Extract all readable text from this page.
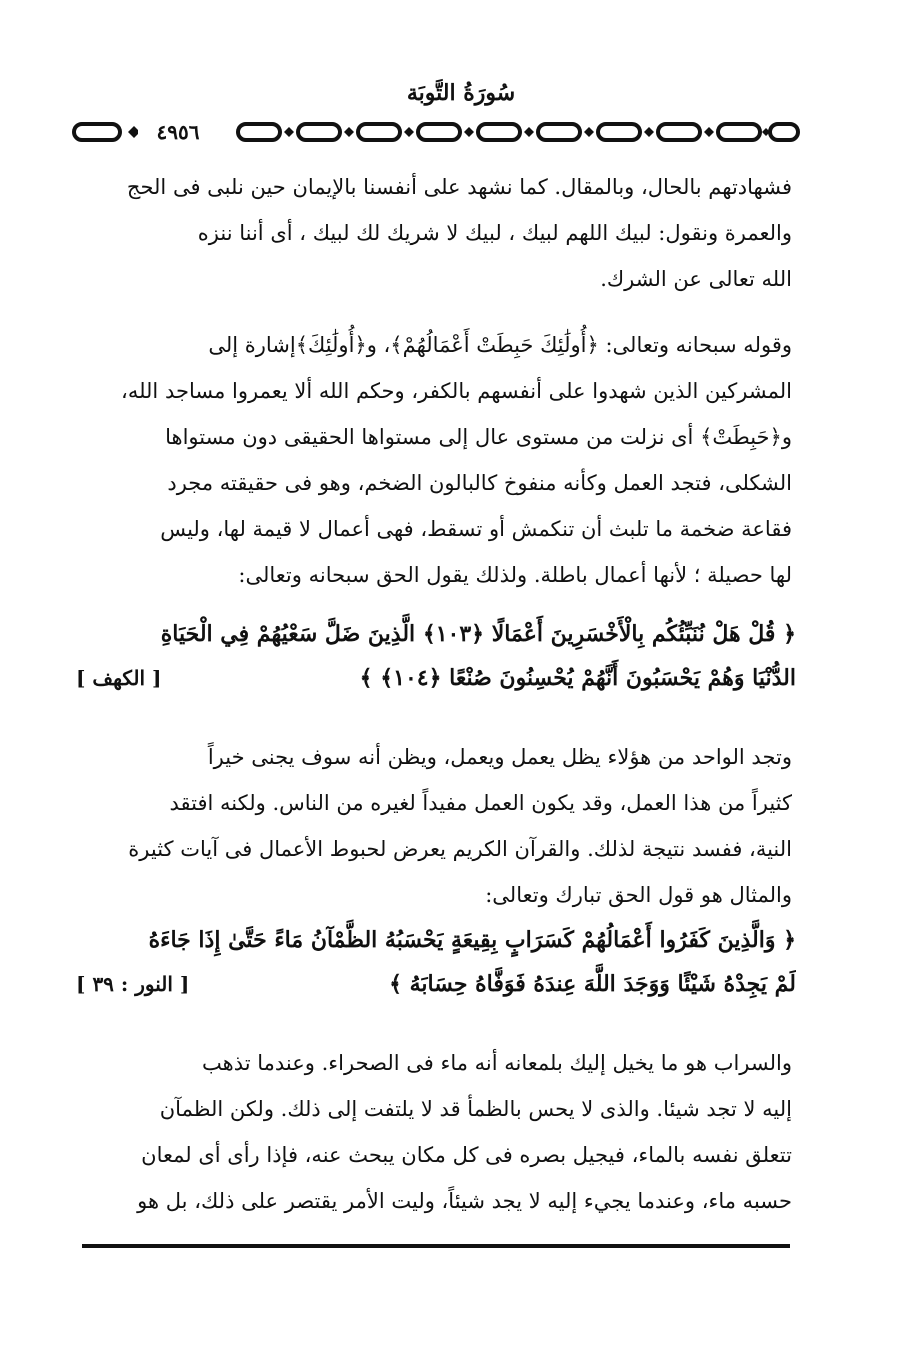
سُورَةُ التَّوبَة
٤٩٥٦

فشهادتهم بالحال، وبالمقال. كما نشهد على أنفسنا بالإيمان حين نلبى فى الحج

والعمرة ونقول: لبيك اللهم لبيك ، لبيك لا شريك لك لبيك ، أى أننا ننزه

الله تعالى عن الشرك.

وقوله سبحانه وتعالى: ﴿أُولَٰئِكَ حَبِطَتْ أَعْمَالُهُمْ﴾، و﴿أُولَٰئِكَ﴾إشارة إلى

المشركين الذين شهدوا على أنفسهم بالكفر، وحكم الله ألا يعمروا مساجد الله،

و﴿حَبِطَتْ﴾ أى نزلت من مستوى عال إلى مستواها الحقيقى دون مستواها

الشكلى، فتجد العمل وكأنه منفوخ كالبالون الضخم، وهو فى حقيقته مجرد

فقاعة ضخمة ما تلبث أن تنكمش أو تسقط، فهى أعمال لا قيمة لها، وليس

لها حصيلة ؛ لأنها أعمال باطلة. ولذلك يقول الحق سبحانه وتعالى:

﴿ قُلْ هَلْ نُنَبِّئُكُم بِالْأَخْسَرِينَ أَعْمَالًا ﴿١٠٣﴾ الَّذِينَ ضَلَّ سَعْيُهُمْ فِي الْحَيَاةِ
الدُّنْيَا وَهُمْ يَحْسَبُونَ أَنَّهُمْ يُحْسِنُونَ صُنْعًا ﴿١٠٤﴾ ﴾
[ الكهف ]

وتجد الواحد من هؤلاء يظل يعمل ويعمل، ويظن أنه سوف يجنى خيراً

كثيراً من هذا العمل، وقد يكون العمل مفيداً لغيره من الناس. ولكنه افتقد

النية، ففسد نتيجة لذلك. والقرآن الكريم يعرض لحبوط الأعمال فى آيات كثيرة

والمثال هو قول الحق تبارك وتعالى:

﴿ وَالَّذِينَ كَفَرُوا أَعْمَالُهُمْ كَسَرَابٍ بِقِيعَةٍ يَحْسَبُهُ الظَّمْآنُ مَاءً حَتَّىٰ إِذَا جَاءَهُ
لَمْ يَجِدْهُ شَيْئًا وَوَجَدَ اللَّهَ عِندَهُ فَوَفَّاهُ حِسَابَهُ ﴾
[ النور : ٣٩ ]

والسراب هو ما يخيل إليك بلمعانه أنه ماء فى الصحراء. وعندما تذهب

إليه لا تجد شيئا. والذى لا يحس بالظمأ قد لا يلتفت إلى ذلك. ولكن الظمآن

تتعلق نفسه بالماء، فيجيل بصره فى كل مكان يبحث عنه، فإذا رأى أى لمعان

حسبه ماء، وعندما يجيء إليه لا يجد شيئاً، وليت الأمر يقتصر على ذلك، بل هو
